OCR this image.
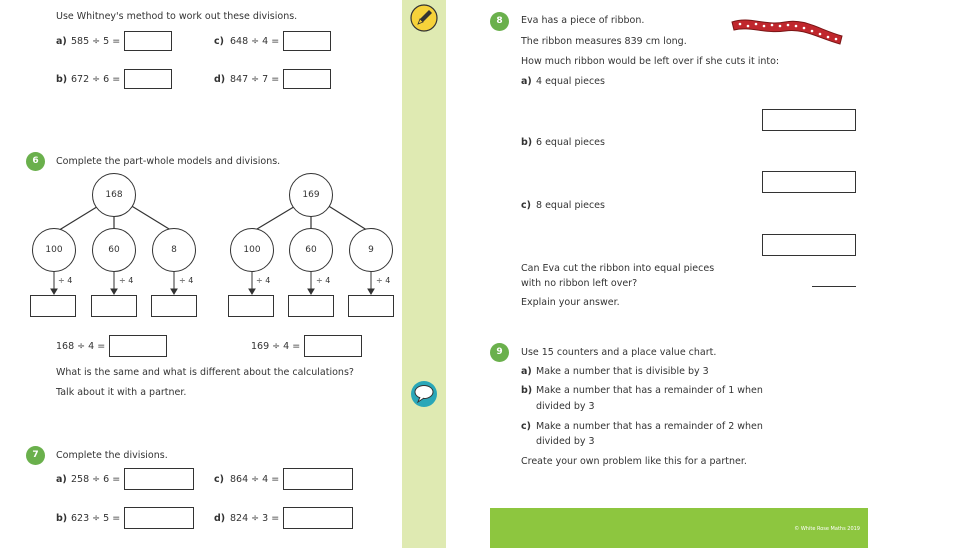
Use Whitney's method to work out these divisions.
a) 585 ÷ 5 =	c) 648 ÷ 4 =
b) 672 ÷ 6 =	d) 847 ÷ 7 =
6	Complete the part-whole models and divisions.
168
100	60	8
÷ 4	÷ 4	÷ 4
169
100	60	9
÷ 4	÷ 4	÷ 4
168 ÷ 4 =	169 ÷ 4 =
What is the same and what is different about the calculations?
Talk about it with a partner.
7	Complete the divisions.
a) 258 ÷ 6 =	c) 864 ÷ 4 =
b) 623 ÷ 5 =	d) 824 ÷ 3 =
8	Eva has a piece of ribbon.
The ribbon measures 839 cm long.
How much ribbon would be left over if she cuts it into:
a) 4 equal pieces
b) 6 equal pieces
c) 8 equal pieces
Can Eva cut the ribbon into equal pieces
with no ribbon left over?
Explain your answer.
9	Use 15 counters and a place value chart.
a) Make a number that is divisible by 3
b) Make a number that has a remainder of 1 when
divided by 3
c) Make a number that has a remainder of 2 when
divided by 3
Create your own problem like this for a partner.
© White Rose Maths 2019
